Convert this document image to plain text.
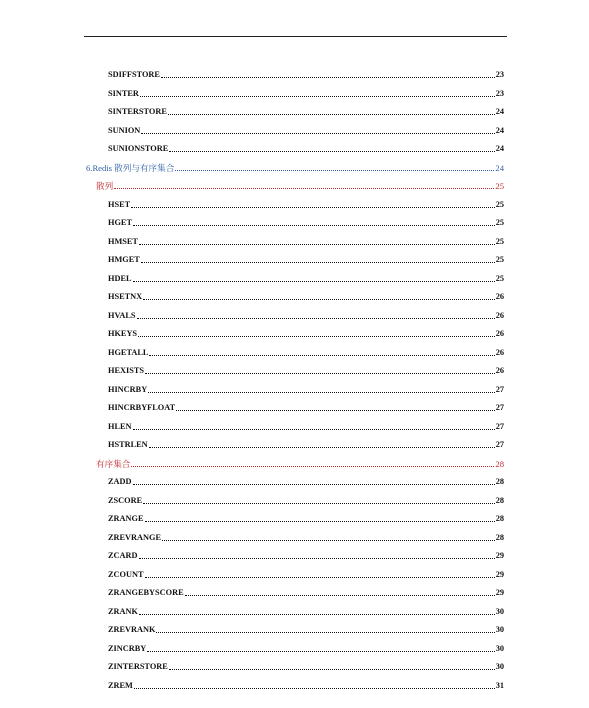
SDIFFSTORE	23
SINTER	23
SINTERSTORE	24
SUNION	24
SUNIONSTORE	24
6.Redis 散列与有序集合	24
散列	25
HSET	25
HGET	25
HMSET	25
HMGET	25
HDEL	25
HSETNX	26
HVALS	26
HKEYS	26
HGETALL	26
HEXISTS	26
HINCRBY	27
HINCRBYFLOAT	27
HLEN	27
HSTRLEN	27
有序集合	28
ZADD	28
ZSCORE	28
ZRANGE	28
ZREVRANGE	28
ZCARD	29
ZCOUNT	29
ZRANGEBYSCORE	29
ZRANK	30
ZREVRANK	30
ZINCRBY	30
ZINTERSTORE	30
ZREM	31
